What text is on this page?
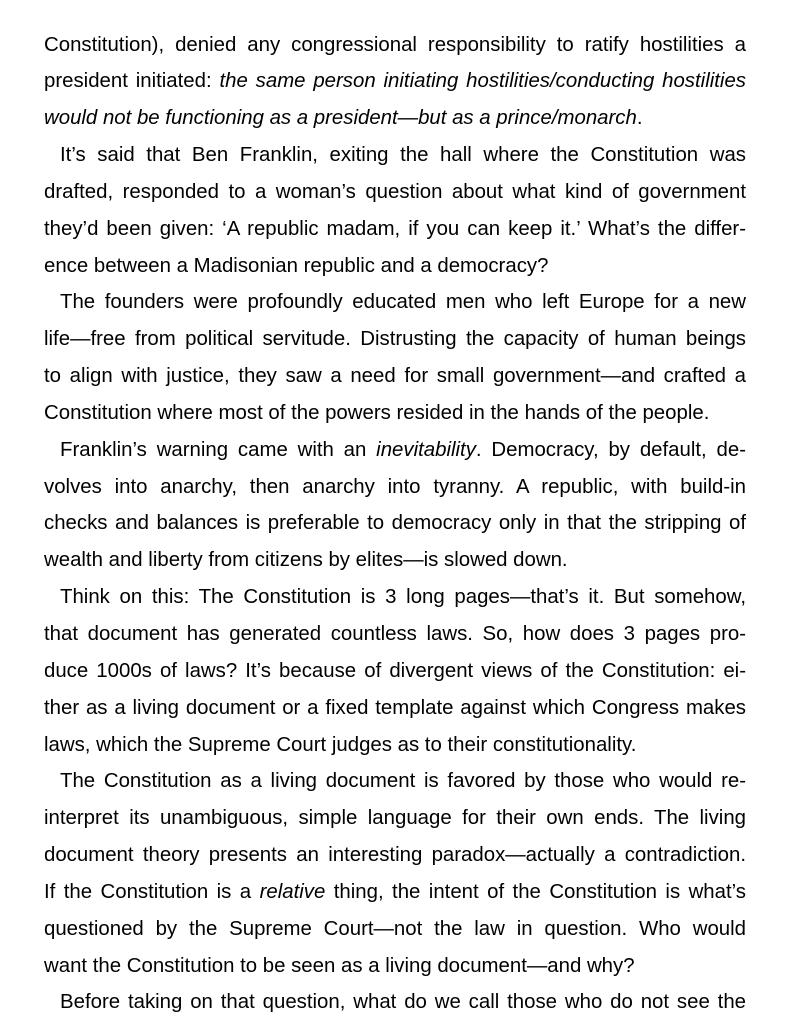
Constitution), denied any congressional responsibility to ratify hostilities a
president initiated: the same person initiating hostilities/conducting hostilities
would not be functioning as a president—but as a prince/monarch.
It’s said that Ben Franklin, exiting the hall where the Constitution was
drafted, responded to a woman’s question about what kind of government
they’d been given: ‘A republic madam, if you can keep it.’ What’s the differ-
ence between a Madisonian republic and a democracy?
The founders were profoundly educated men who left Europe for a new
life—free from political servitude. Distrusting the capacity of human beings
to align with justice, they saw a need for small government—and crafted a
Constitution where most of the powers resided in the hands of the people.
Franklin’s warning came with an inevitability. Democracy, by default, de-
volves into anarchy, then anarchy into tyranny. A republic, with build-in
checks and balances is preferable to democracy only in that the stripping of
wealth and liberty from citizens by elites—is slowed down.
Think on this: The Constitution is 3 long pages—that’s it. But somehow,
that document has generated countless laws. So, how does 3 pages pro-
duce 1000s of laws? It’s because of divergent views of the Constitution: ei-
ther as a living document or a fixed template against which Congress makes
laws, which the Supreme Court judges as to their constitutionality.
The Constitution as a living document is favored by those who would re-
interpret its unambiguous, simple language for their own ends. The living
document theory presents an interesting paradox—actually a contradiction.
If the Constitution is a relative thing, the intent of the Constitution is what’s
questioned by the Supreme Court—not the law in question. Who would
want the Constitution to be seen as a living document—and why?
Before taking on that question, what do we call those who do not see the
